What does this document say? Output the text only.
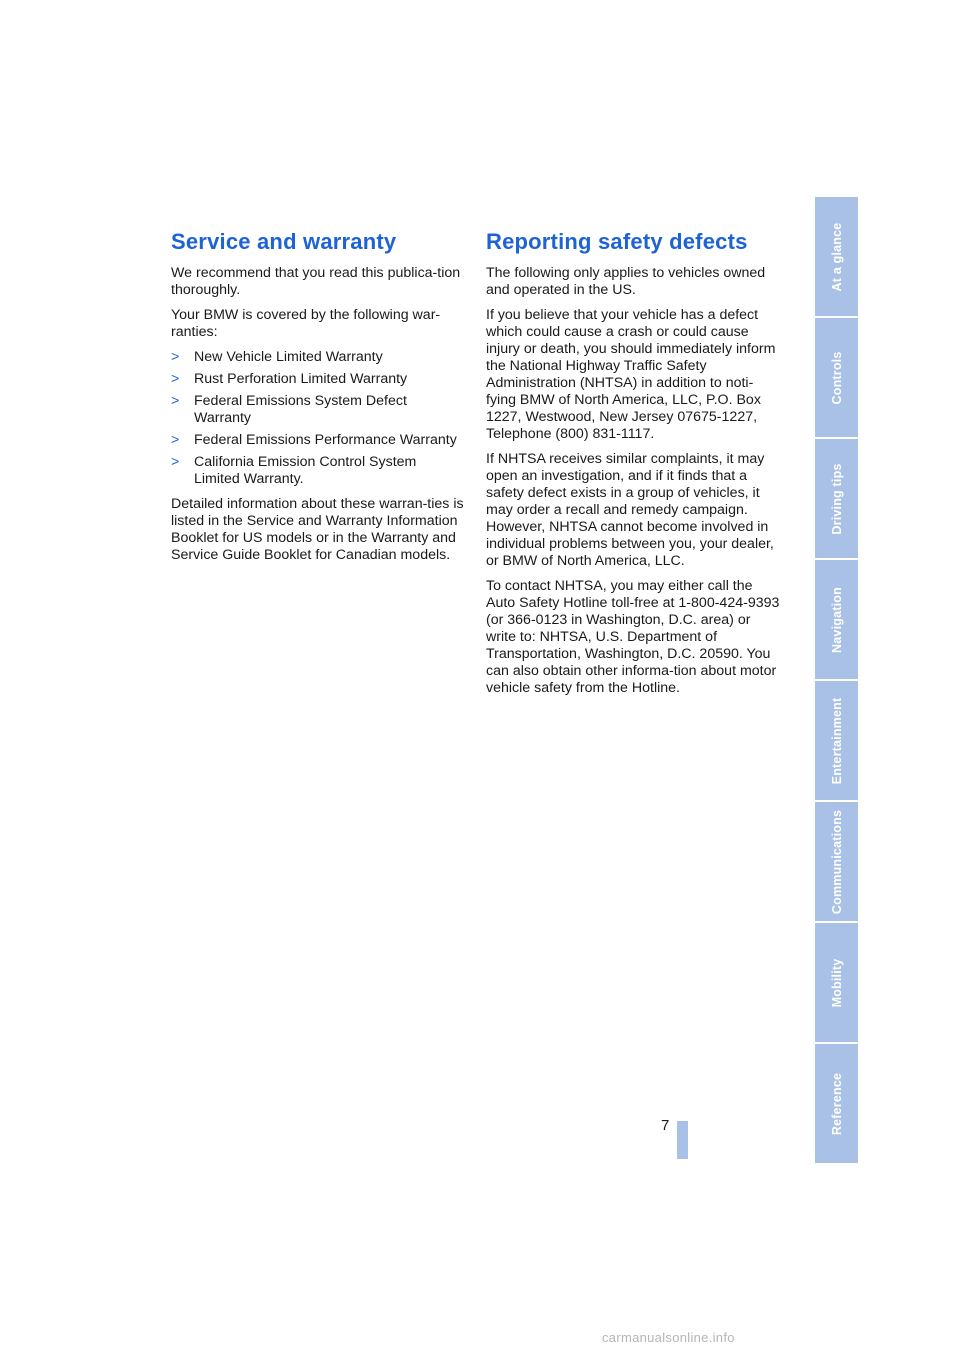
Service and warranty

We recommend that you read this publica-tion thoroughly.

Your BMW is covered by the following war-ranties:

> New Vehicle Limited Warranty
> Rust Perforation Limited Warranty
> Federal Emissions System Defect Warranty
> Federal Emissions Performance Warranty
> California Emission Control System Limited Warranty.

Detailed information about these warran-ties is listed in the Service and Warranty Information Booklet for US models or in the Warranty and Service Guide Booklet for Canadian models.

Reporting safety defects

The following only applies to vehicles owned and operated in the US.

If you believe that your vehicle has a defect which could cause a crash or could cause injury or death, you should immediately inform the National Highway Traffic Safety Administration (NHTSA) in addition to noti-fying BMW of North America, LLC, P.O. Box 1227, Westwood, New Jersey 07675-1227, Telephone (800) 831-1117.

If NHTSA receives similar complaints, it may open an investigation, and if it finds that a safety defect exists in a group of vehicles, it may order a recall and remedy campaign. However, NHTSA cannot become involved in individual problems between you, your dealer, or BMW of North America, LLC.

To contact NHTSA, you may either call the Auto Safety Hotline toll-free at 1-800-424-9393 (or 366-0123 in Washington, D.C. area) or write to: NHTSA, U.S. Department of Transportation, Washington, D.C. 20590. You can also obtain other informa-tion about motor vehicle safety from the Hotline.

At a glance
Controls
Driving tips
Navigation
Entertainment
Communications
Mobility
Reference
7
carmanualsonline.info
